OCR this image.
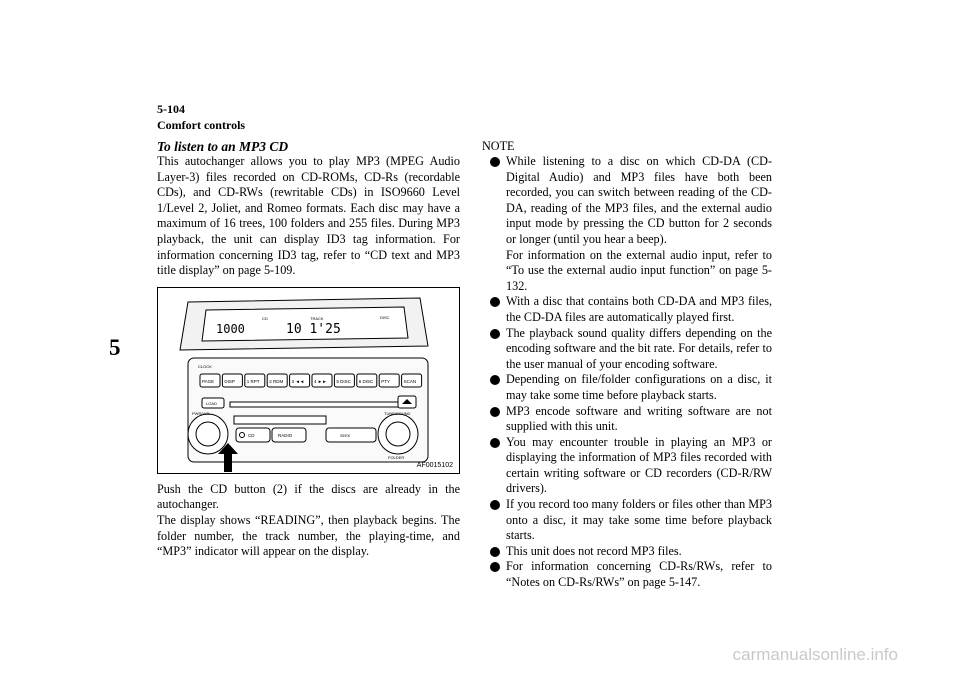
5-104
Comfort controls
5
To listen to an MP3 CD

This autochanger allows you to play MP3 (MPEG Audio Layer-3) files recorded on CD-ROMs, CD-Rs (recordable CDs), and CD-RWs (rewritable CDs) in ISO9660 Level 1/Level 2, Joliet, and Romeo formats. Each disc may have a maximum of 16 trees, 100 folders and 255 files. During MP3 playback, the unit can display ID3 tag information. For information concerning ID3 tag, refer to “CD text and MP3 title display” on page 5-109.

1000	10 1'25
CD	TRACK	DISC
CLOCK
PAGE DISP	1 RPT 2 RDM 3 ◄◄ 4 ►► 5 DISC 6 DISC PTY	SCAN
LOAD
PWR/VOL	TUNE/SOUND
FOLDER
CD	RADIO	SEEK
AF0015102

Push the CD button (2) if the discs are already in the autochanger.

The display shows “READING”, then playback begins. The folder number, the track number, the playing-time, and “MP3” indicator will appear on the display.

NOTE
While listening to a disc on which CD-DA (CD-Digital Audio) and MP3 files have both been recorded, you can switch between reading of the CD-DA, reading of the MP3 files, and the external audio input mode by pressing the CD button for 2 seconds or longer (until you hear a beep).
For information on the external audio input, refer to “To use the external audio input function” on page 5-132.
With a disc that contains both CD-DA and MP3 files, the CD-DA files are automatically played first.
The playback sound quality differs depending on the encoding software and the bit rate. For details, refer to the user manual of your encoding software.
Depending on file/folder configurations on a disc, it may take some time before playback starts.
MP3 encode software and writing software are not supplied with this unit.
You may encounter trouble in playing an MP3 or displaying the information of MP3 files recorded with certain writing software or CD recorders (CD-R/RW drivers).
If you record too many folders or files other than MP3 onto a disc, it may take some time before playback starts.
This unit does not record MP3 files.
For information concerning CD-Rs/RWs, refer to “Notes on CD-Rs/RWs” on page 5-147.
carmanualsonline.info
